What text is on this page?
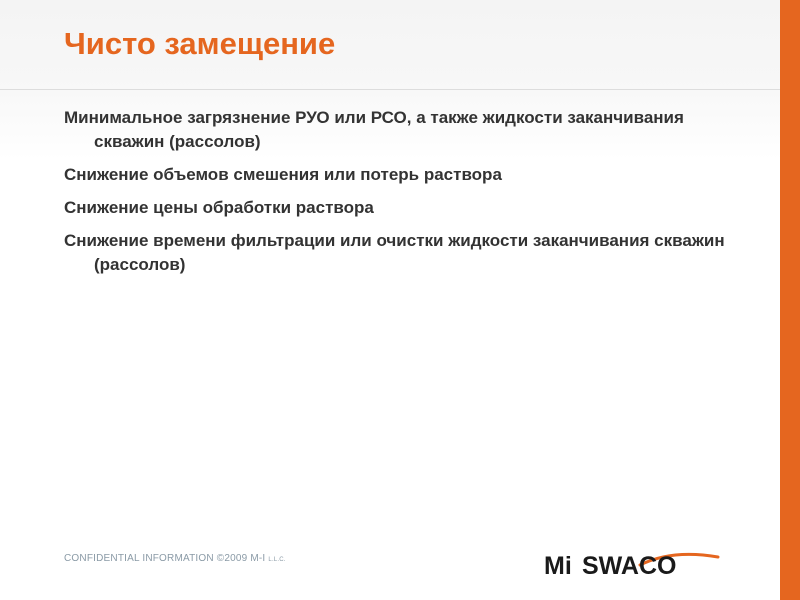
Чисто замещение
Минимальное загрязнение РУО или РСО, а также жидкости заканчивания скважин (рассолов)
Снижение объемов смешения или потерь раствора
Снижение цены обработки раствора
Снижение времени фильтрации или очистки жидкости заканчивания скважин (рассолов)
CONFIDENTIAL INFORMATION ©2009 M-I L.L.C.	Mi SWACO
